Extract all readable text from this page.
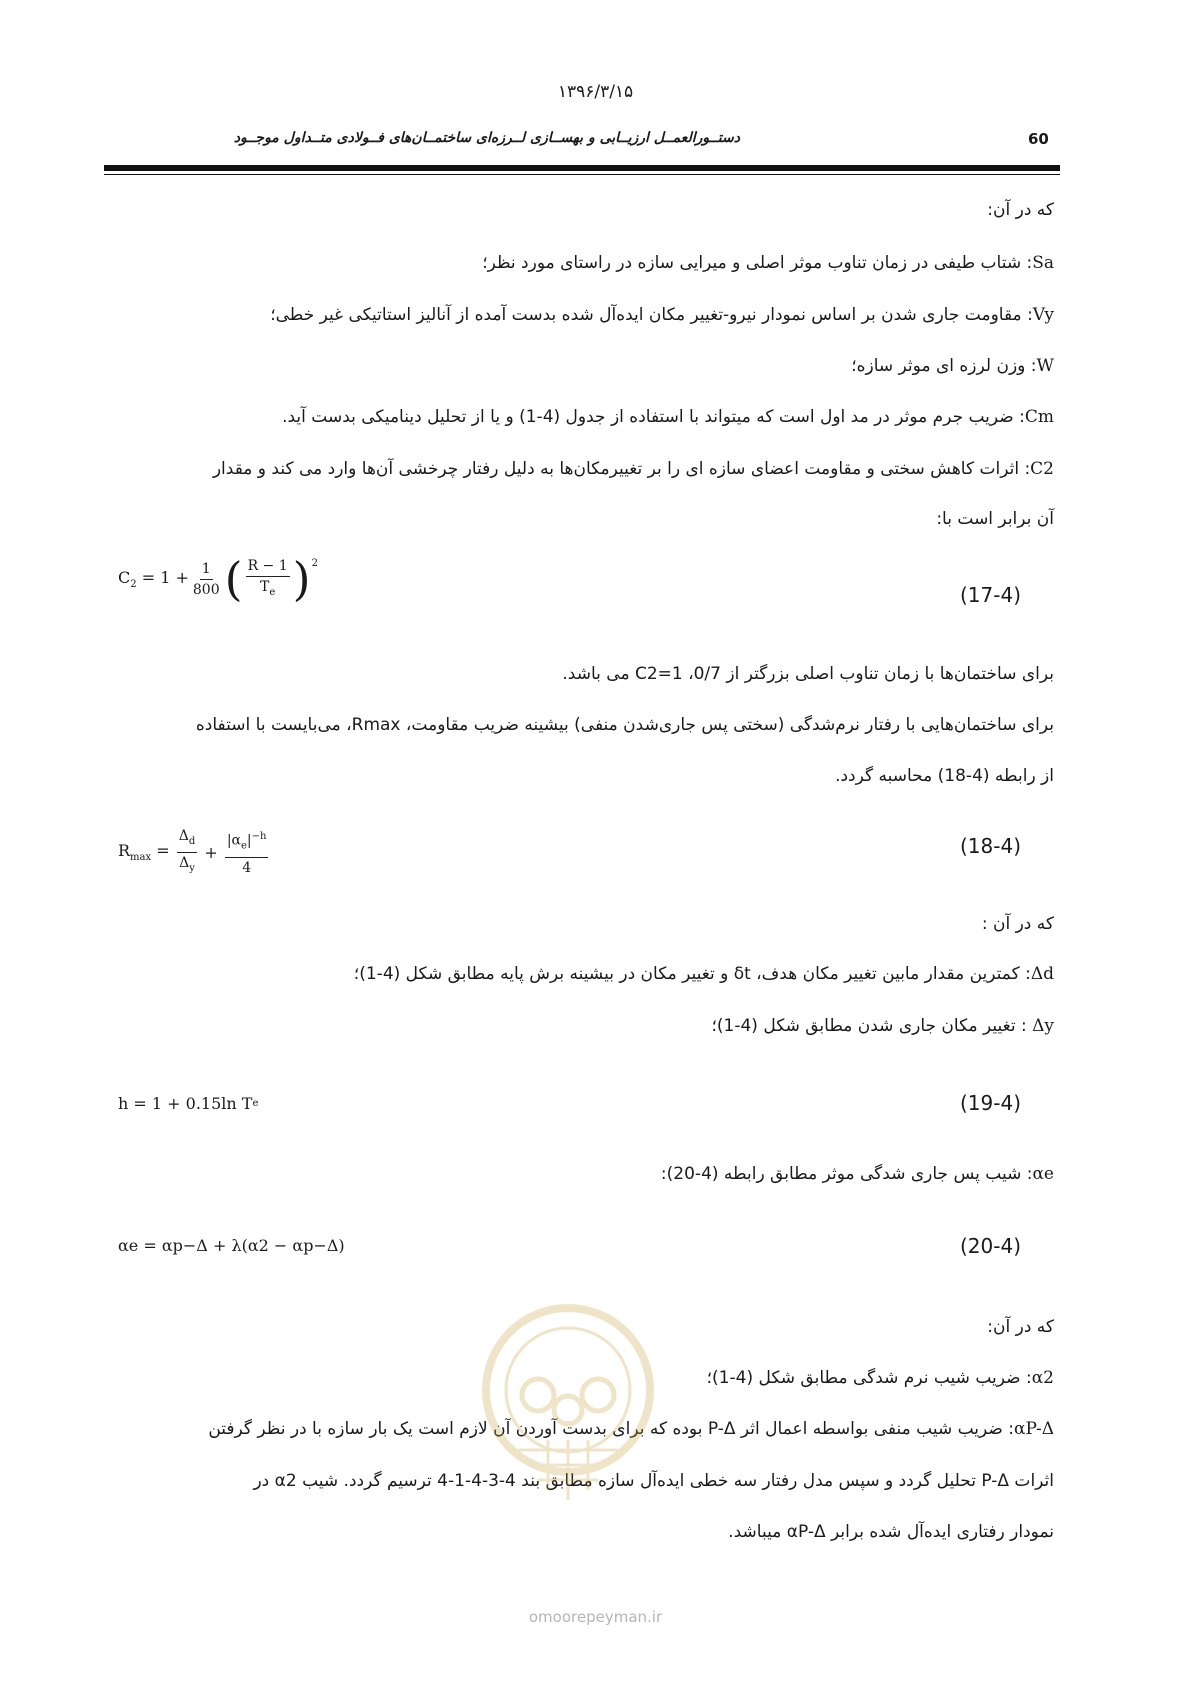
۱۳۹۶/۳/۱۵
دستــورالعمــل ارزیــابی و بهســازی لــرزه‌ای ساختمــان‌های فــولادی متــداول موجــود	60
که در آن:
Sa: شتاب طیفی در زمان تناوب موثر اصلی و میرایی سازه در راستای مورد نظر؛
Vy: مقاومت جاری شدن بر اساس نمودار نیرو-تغییر مکان ایده‌آل شده بدست آمده از آنالیز استاتیکی غیر خطی؛
W: وزن لرزه ای موثر سازه؛
Cm: ضریب جرم موثر در مد اول است که میتواند با استفاده از جدول (4-1) و یا از تحلیل دینامیکی بدست آید.
C2: اثرات کاهش سختی و مقاومت اعضای سازه ای را بر تغییرمکان‌ها به دلیل رفتار چرخشی آن‌ها وارد می کند و مقدار
آن برابر است با:
$C_2 = 1 + \frac{1}{800}$ ( $\frac{R - 1}{T_e} )^2$
(17-4)
برای ساختمان‌ها با زمان تناوب اصلی بزرگتر از 0/7، C2=1 می باشد.
برای ساختمان‌هایی با رفتار نرم‌شدگی (سختی پس جاری‌شدن منفی) بیشینه ضریب مقاومت، Rmax، می‌بایست با استفاده
از رابطه (4-18) محاسبه گردد.
$R_{max} = \frac{\Delta_d}{\Delta_y} + \frac{|\alpha_e|^{-h}}{4}$	(18-4)
که در آن :
Δd: کمترین مقدار مابین تغییر مکان هدف، δt و تغییر مکان در بیشینه برش پایه مطابق شکل (4-1)؛
Δy : تغییر مکان جاری شدن مطابق شکل (4-1)؛
h = 1 + 0.15ln T e	(19-4)
αe: شیب پس جاری شدگی موثر مطابق رابطه (4-20):
αe = αp−Δ + λ(α2 − αp−Δ)	(20-4)
که در آن:
α2: ضریب شیب نرم شدگی مطابق شکل (4-1)؛
αP-Δ: ضریب شیب منفی بواسطه اعمال اثر P-Δ بوده که برای بدست آوردن آن لازم است یک بار سازه با در نظر گرفتن
اثرات P-Δ تحلیل گردد و سپس مدل رفتار سه خطی ایده‌آل سازه مطابق بند 4-3-4-1-4 ترسیم گردد. شیب α2 در
نمودار رفتاری ایده‌آل شده برابر αP-Δ میباشد.
omoorepeyman.ir
